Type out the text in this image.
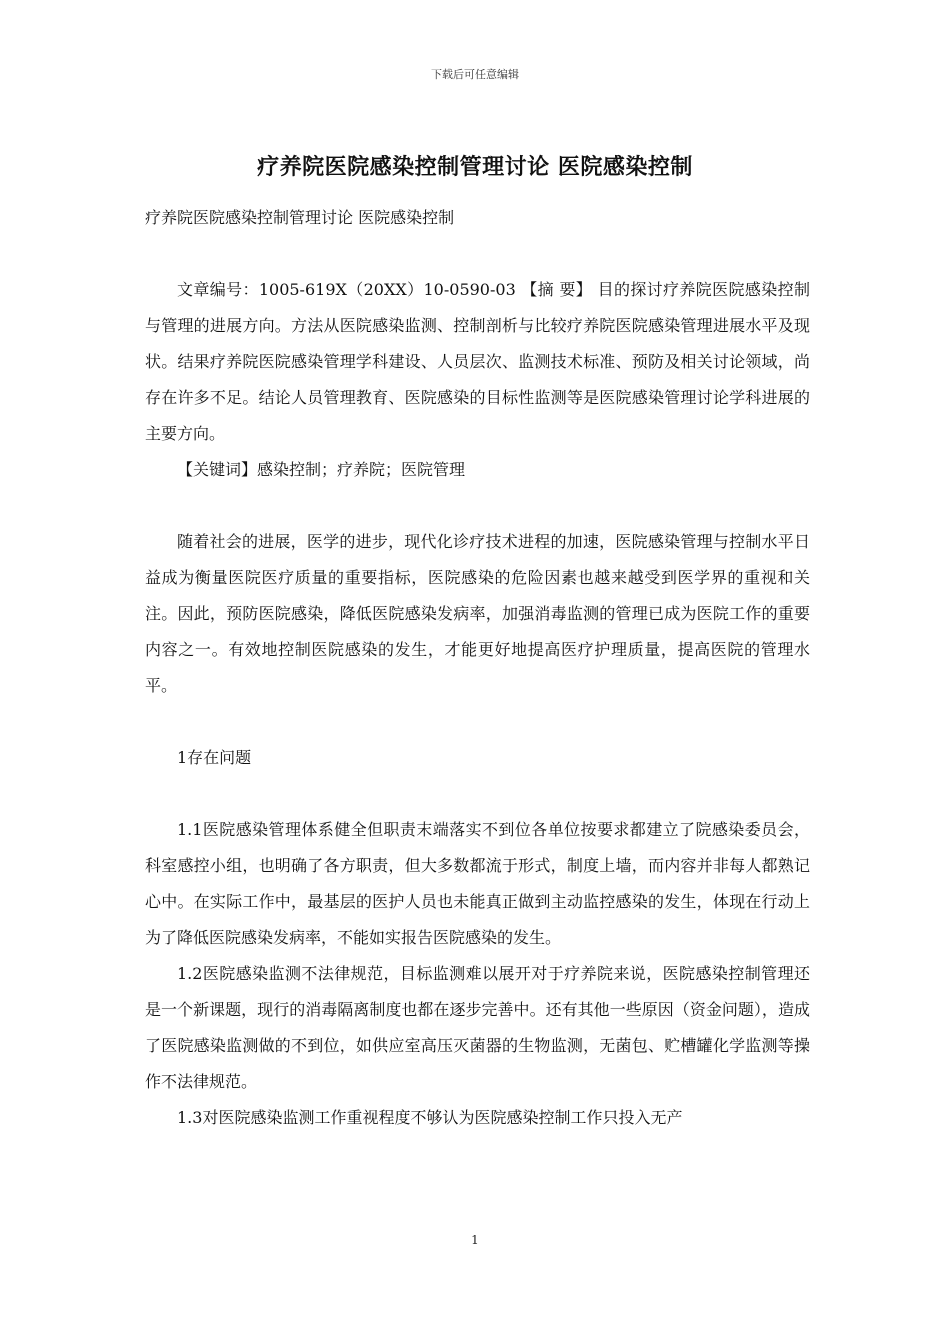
下载后可任意编辑
疗养院医院感染控制管理讨论 医院感染控制

疗养院医院感染控制管理讨论 医院感染控制

文章编号：1005-619X（20XX）10-0590-03 【摘 要】 目的探讨疗养院医院感染控制与管理的进展方向。方法从医院感染监测、控制剖析与比较疗养院医院感染管理进展水平及现状。结果疗养院医院感染管理学科建设、人员层次、监测技术标准、预防及相关讨论领域，尚存在许多不足。结论人员管理教育、医院感染的目标性监测等是医院感染管理讨论学科进展的主要方向。

【关键词】感染控制；疗养院；医院管理

随着社会的进展，医学的进步，现代化诊疗技术进程的加速，医院感染管理与控制水平日益成为衡量医院医疗质量的重要指标，医院感染的危险因素也越来越受到医学界的重视和关注。因此，预防医院感染，降低医院感染发病率，加强消毒监测的管理已成为医院工作的重要内容之一。有效地控制医院感染的发生，才能更好地提高医疗护理质量，提高医院的管理水平。

1存在问题

1.1医院感染管理体系健全但职责末端落实不到位各单位按要求都建立了院感染委员会，科室感控小组，也明确了各方职责，但大多数都流于形式，制度上墙，而内容并非每人都熟记心中。在实际工作中，最基层的医护人员也未能真正做到主动监控感染的发生，体现在行动上为了降低医院感染发病率，不能如实报告医院感染的发生。

1.2医院感染监测不法律规范，目标监测难以展开对于疗养院来说，医院感染控制管理还是一个新课题，现行的消毒隔离制度也都在逐步完善中。还有其他一些原因（资金问题），造成了医院感染监测做的不到位，如供应室高压灭菌器的生物监测，无菌包、贮槽罐化学监测等操作不法律规范。

1.3对医院感染监测工作重视程度不够认为医院感染控制工作只投入无产

1
